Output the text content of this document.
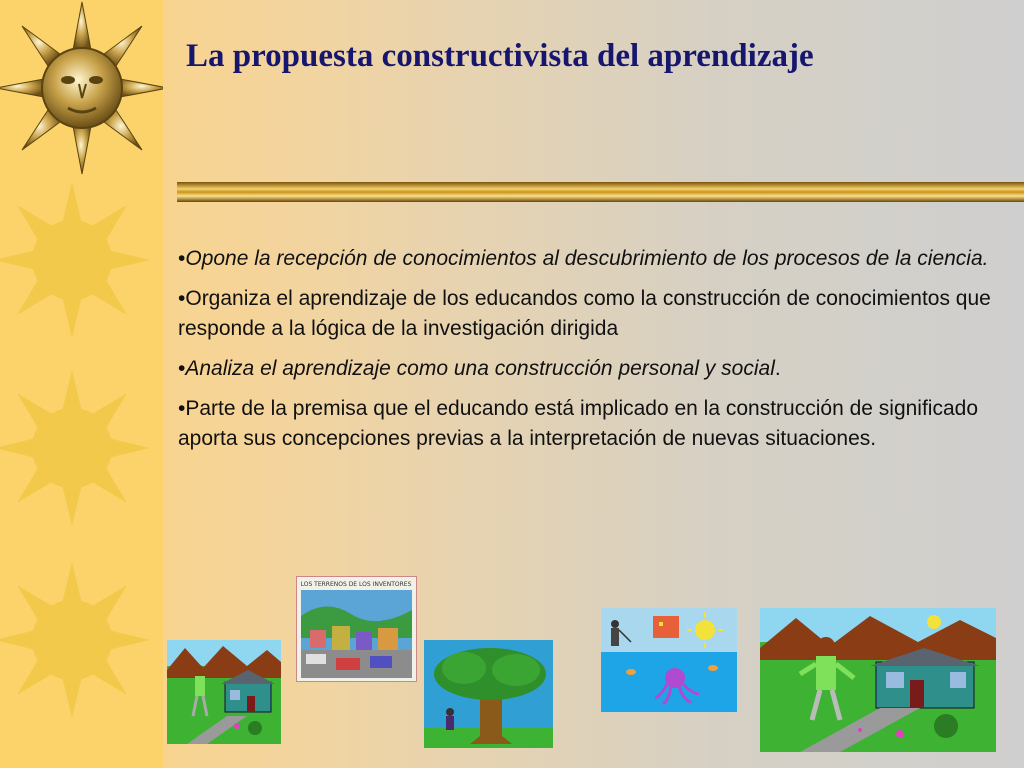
La propuesta constructivista del aprendizaje

•Opone la recepción de conocimientos al descubrimiento de los procesos de la ciencia.

•Organiza el aprendizaje de los educandos como la construcción de conocimientos que responde a la lógica de la investigación dirigida

•Analiza el aprendizaje como una construcción personal y social.

•Parte de la premisa que el educando está implicado en la construcción de significado aporta sus concepciones previas a la interpretación de nuevas situaciones.

LOS TERRENOS DE LOS INVENTORES
